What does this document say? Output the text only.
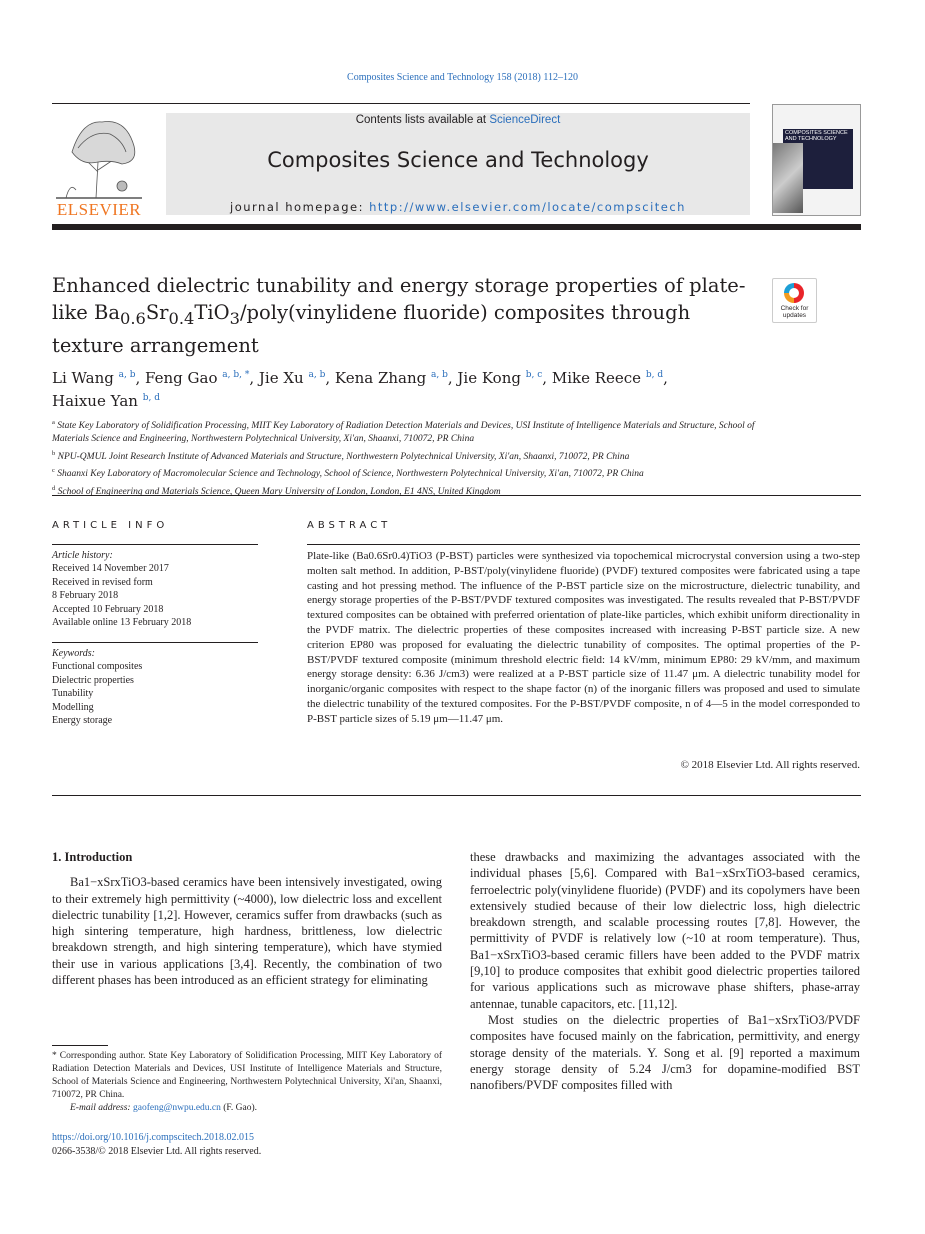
Composites Science and Technology 158 (2018) 112–120
ELSEVIER
Contents lists available at ScienceDirect
Composites Science and Technology
journal homepage: http://www.elsevier.com/locate/compscitech
COMPOSITES SCIENCE AND TECHNOLOGY
Enhanced dielectric tunability and energy storage properties of plate-like $Ba_{0.6}Sr_{0.4}TiO_3/poly(vinylidene$ fluoride) composites through texture arrangement
Check for updates
Li Wang $^{a, b}$, Feng Gao $^{a, b, *}$, Jie Xu $^{a, b}$, Kena Zhang $^{a, b}$, Jie Kong $^{b, c}$, Mike Reece $^{b, d}$,
Haixue Yan $^{b, d}$
$^a$ State Key Laboratory of Solidification Processing, MIIT Key Laboratory of Radiation Detection Materials and Devices, USI Institute of Intelligence Materials and Structure, School of Materials Science and Engineering, Northwestern Polytechnical University, Xi'an, Shaanxi, 710072, PR China
$^b$ NPU-QMUL Joint Research Institute of Advanced Materials and Structure, Northwestern Polytechnical University, Xi'an, Shaanxi, 710072, PR China
$^c$ Shaanxi Key Laboratory of Macromolecular Science and Technology, School of Science, Northwestern Polytechnical University, Xi'an, 710072, PR China
$^d$ School of Engineering and Materials Science, Queen Mary University of London, London, E1 4NS, United Kingdom
ARTICLE INFO
Article history:
Received 14 November 2017
Received in revised form
8 February 2018
Accepted 10 February 2018
Available online 13 February 2018
Keywords:
Functional composites
Dielectric properties
Tunability
Modelling
Energy storage
ABSTRACT
Plate-like (Ba0.6Sr0.4)TiO3 (P-BST) particles were synthesized via topochemical microcrystal conversion using a two-step molten salt method. In addition, P-BST/poly(vinylidene fluoride) (PVDF) textured composites were fabricated using a tape casting and hot pressing method. The influence of the P-BST particle size on the microstructure, dielectric tunability, and energy storage properties of the P-BST/PVDF textured composites was investigated. The results revealed that P-BST/PVDF textured composites can be obtained with preferred orientation of plate-like particles, which exhibit uniform directionality in the PVDF matrix. The dielectric properties of these composites increased with increasing P-BST particle size. A new criterion EP80 was proposed for evaluating the dielectric tunability of composites. The optimal properties of the P-BST/PVDF textured composite (minimum threshold electric field: 14 kV/mm, minimum EP80: 29 kV/mm, and maximum energy storage density: 6.36 J/cm3) were realized at a P-BST particle size of 11.47 μm. A dielectric tunability model for inorganic/organic composites with respect to the shape factor (n) of the inorganic fillers was proposed and used to simulate the dielectric tunability of the textured composites. For the P-BST/PVDF composite, n of 4—5 in the model corresponded to P-BST particle sizes of 5.19 μm—11.47 μm.
© 2018 Elsevier Ltd. All rights reserved.
1. Introduction

Ba1−xSrxTiO3-based ceramics have been intensively investigated, owing to their extremely high permittivity (~4000), low dielectric loss and excellent dielectric tunability [1,2]. However, ceramics suffer from drawbacks (such as high sintering temperature, high hardness, brittleness, low dielectric breakdown strength, and high sintering temperature), which have stymied their use in various applications [3,4]. Recently, the combination of two different phases has been introduced as an efficient strategy for eliminating

these drawbacks and maximizing the advantages associated with the individual phases [5,6]. Compared with Ba1−xSrxTiO3-based ceramics, ferroelectric poly(vinylidene fluoride) (PVDF) and its copolymers have been extensively studied because of their low dielectric loss, high dielectric breakdown strength, and scalable processing routes [7,8]. However, the permittivity of PVDF is relatively low (~10 at room temperature). Thus, Ba1−xSrxTiO3-based ceramic fillers have been added to the PVDF matrix [9,10] to produce composites that exhibit good dielectric properties tailored for various applications such as microwave phase shifters, phase-array antennae, tunable capacitors, etc. [11,12].

Most studies on the dielectric properties of Ba1−xSrxTiO3/PVDF composites have focused mainly on the fabrication, permittivity, and energy storage density of the materials. Y. Song et al. [9] reported a maximum energy storage density of 5.24 J/cm3 for dopamine-modified BST nanofibers/PVDF composites filled with

* Corresponding author. State Key Laboratory of Solidification Processing, MIIT Key Laboratory of Radiation Detection Materials and Devices, USI Institute of Intelligence Materials and Structure, School of Materials Science and Engineering, Northwestern Polytechnical University, Xi'an, Shaanxi, 710072, PR China.
E-mail address: gaofeng@nwpu.edu.cn (F. Gao).
https://doi.org/10.1016/j.compscitech.2018.02.015
0266-3538/© 2018 Elsevier Ltd. All rights reserved.
